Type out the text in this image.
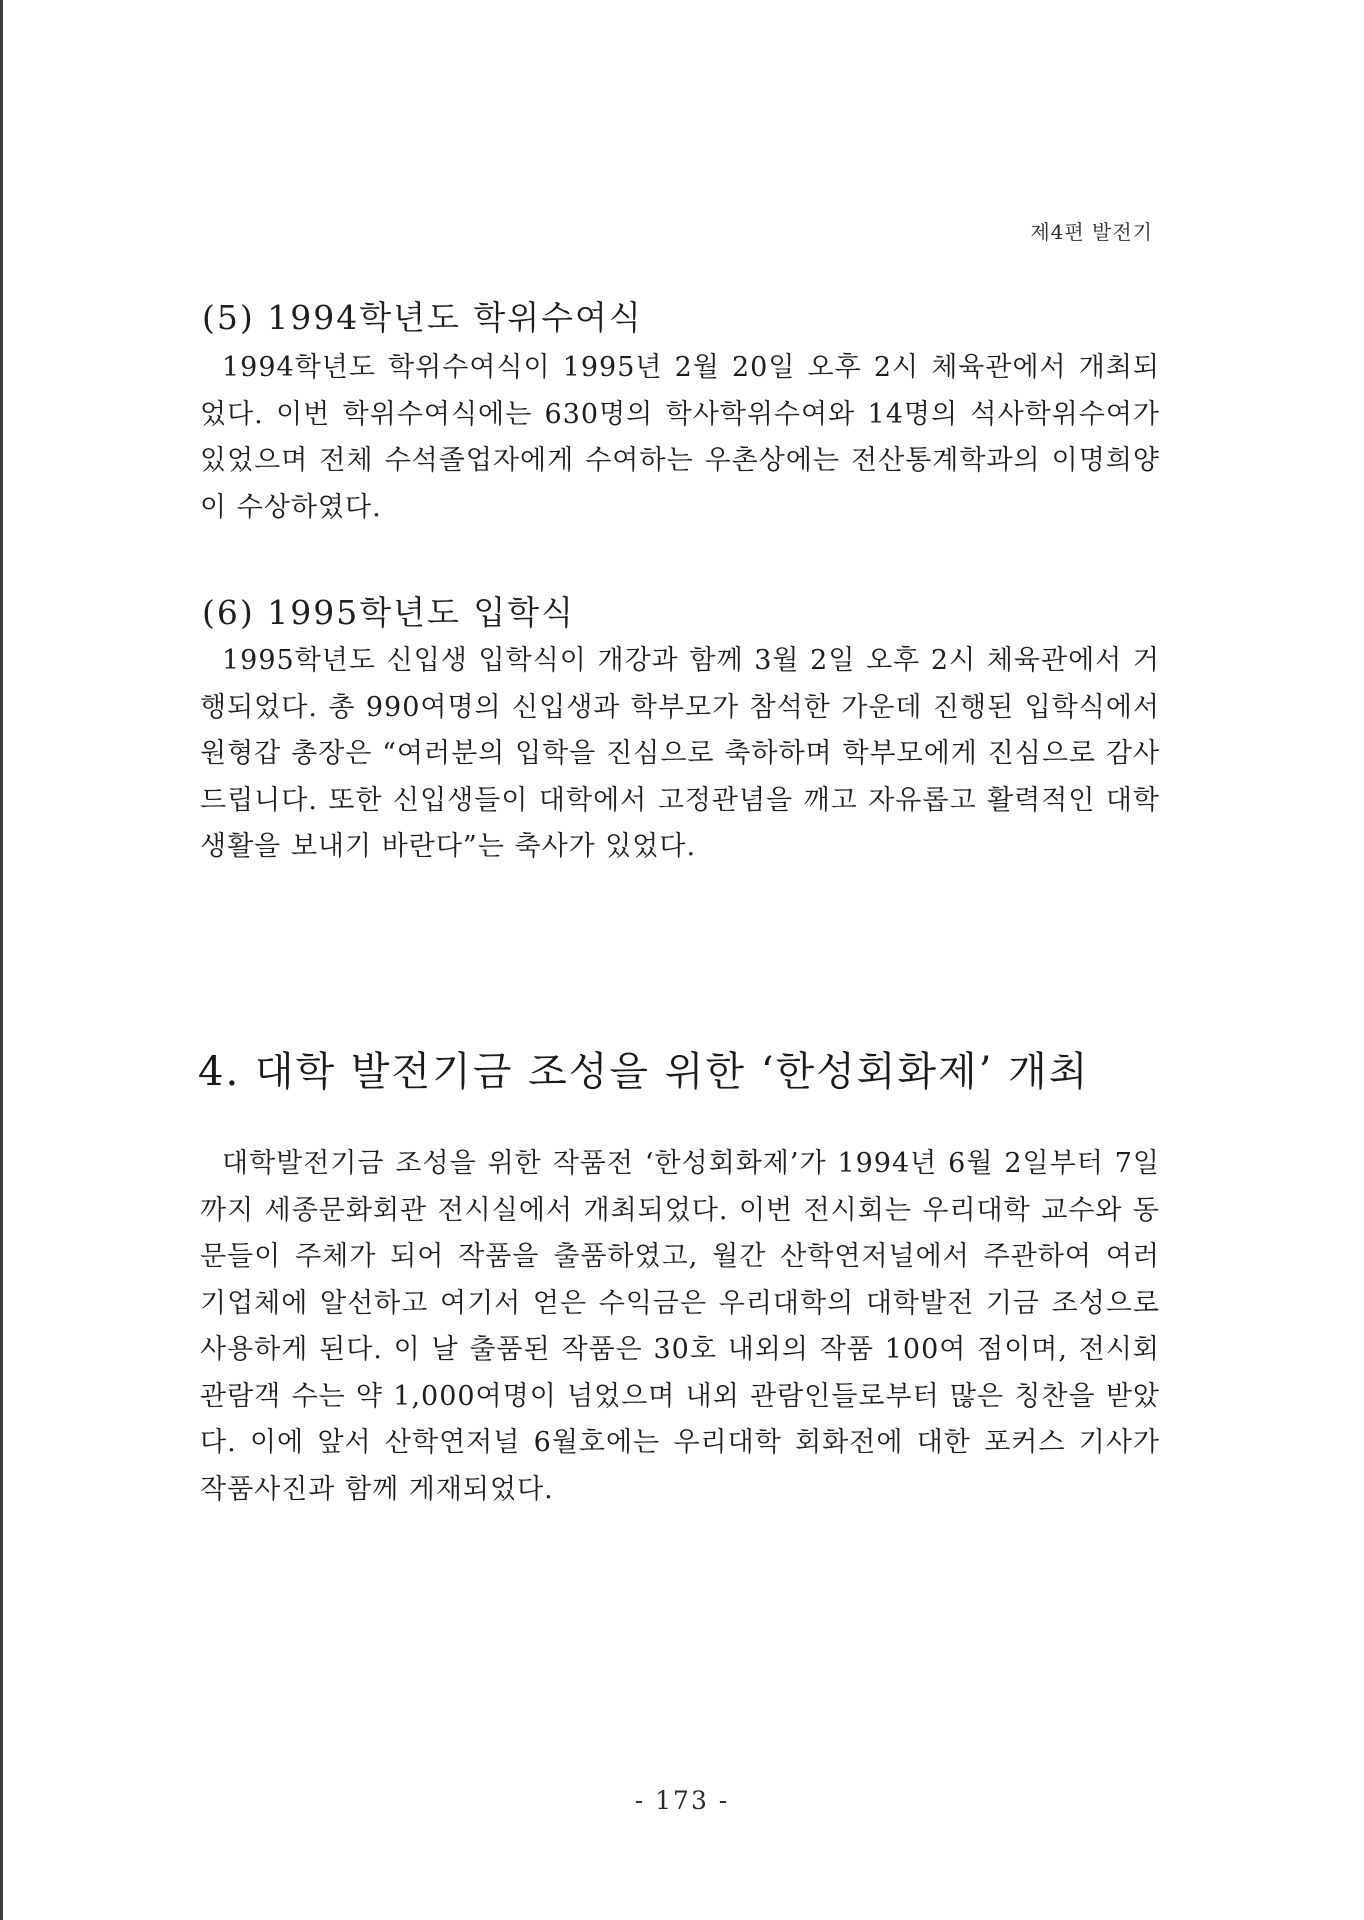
제4편 발전기
(5) 1994학년도 학위수여식

1994학년도 학위수여식이 1995년 2월 20일 오후 2시 체육관에서 개최되었다. 이번 학위수여식에는 630명의 학사학위수여와 14명의 석사학위수여가 있었으며 전체 수석졸업자에게 수여하는 우촌상에는 전산통계학과의 이명희양이 수상하였다.

(6) 1995학년도 입학식

1995학년도 신입생 입학식이 개강과 함께 3월 2일 오후 2시 체육관에서 거행되었다. 총 990여명의 신입생과 학부모가 참석한 가운데 진행된 입학식에서 원형갑 총장은 “여러분의 입학을 진심으로 축하하며 학부모에게 진심으로 감사드립니다. 또한 신입생들이 대학에서 고정관념을 깨고 자유롭고 활력적인 대학생활을 보내기 바란다”는 축사가 있었다.

4. 대학 발전기금 조성을 위한 ‘한성회화제’ 개최

대학발전기금 조성을 위한 작품전 ‘한성회화제’가 1994년 6월 2일부터 7일까지 세종문화회관 전시실에서 개최되었다. 이번 전시회는 우리대학 교수와 동문들이 주체가 되어 작품을 출품하였고, 월간 산학연저널에서 주관하여 여러 기업체에 알선하고 여기서 얻은 수익금은 우리대학의 대학발전 기금 조성으로 사용하게 된다. 이 날 출품된 작품은 30호 내외의 작품 100여 점이며, 전시회 관람객 수는 약 1,000여명이 넘었으며 내외 관람인들로부터 많은 칭찬을 받았다. 이에 앞서 산학연저널 6월호에는 우리대학 회화전에 대한 포커스 기사가 작품사진과 함께 게재되었다.

- 173 -
